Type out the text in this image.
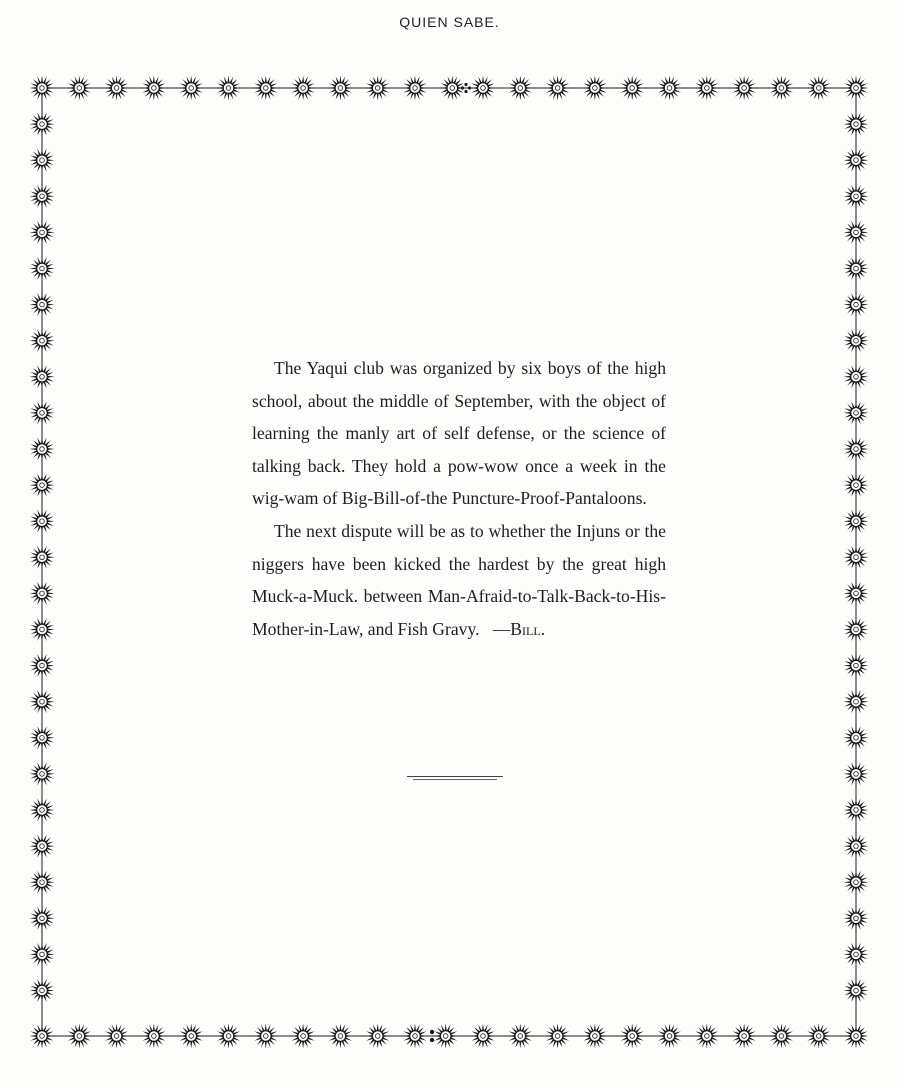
QUIEN SABE.

The Yaqui club was organized by six boys of the high school, about the middle of September, with the object of learning the manly art of self defense, or the science of talking back. They hold a pow-wow once a week in the wig-wam of Big-Bill-of-the Puncture-Proof-Pantaloons.

The next dispute will be as to whether the Injuns or the niggers have been kicked the hardest by the great high Muck-a-Muck. between Man-Afraid-to-Talk-Back-to-His-Mother-in-Law, and Fish Gravy. —Bill.
